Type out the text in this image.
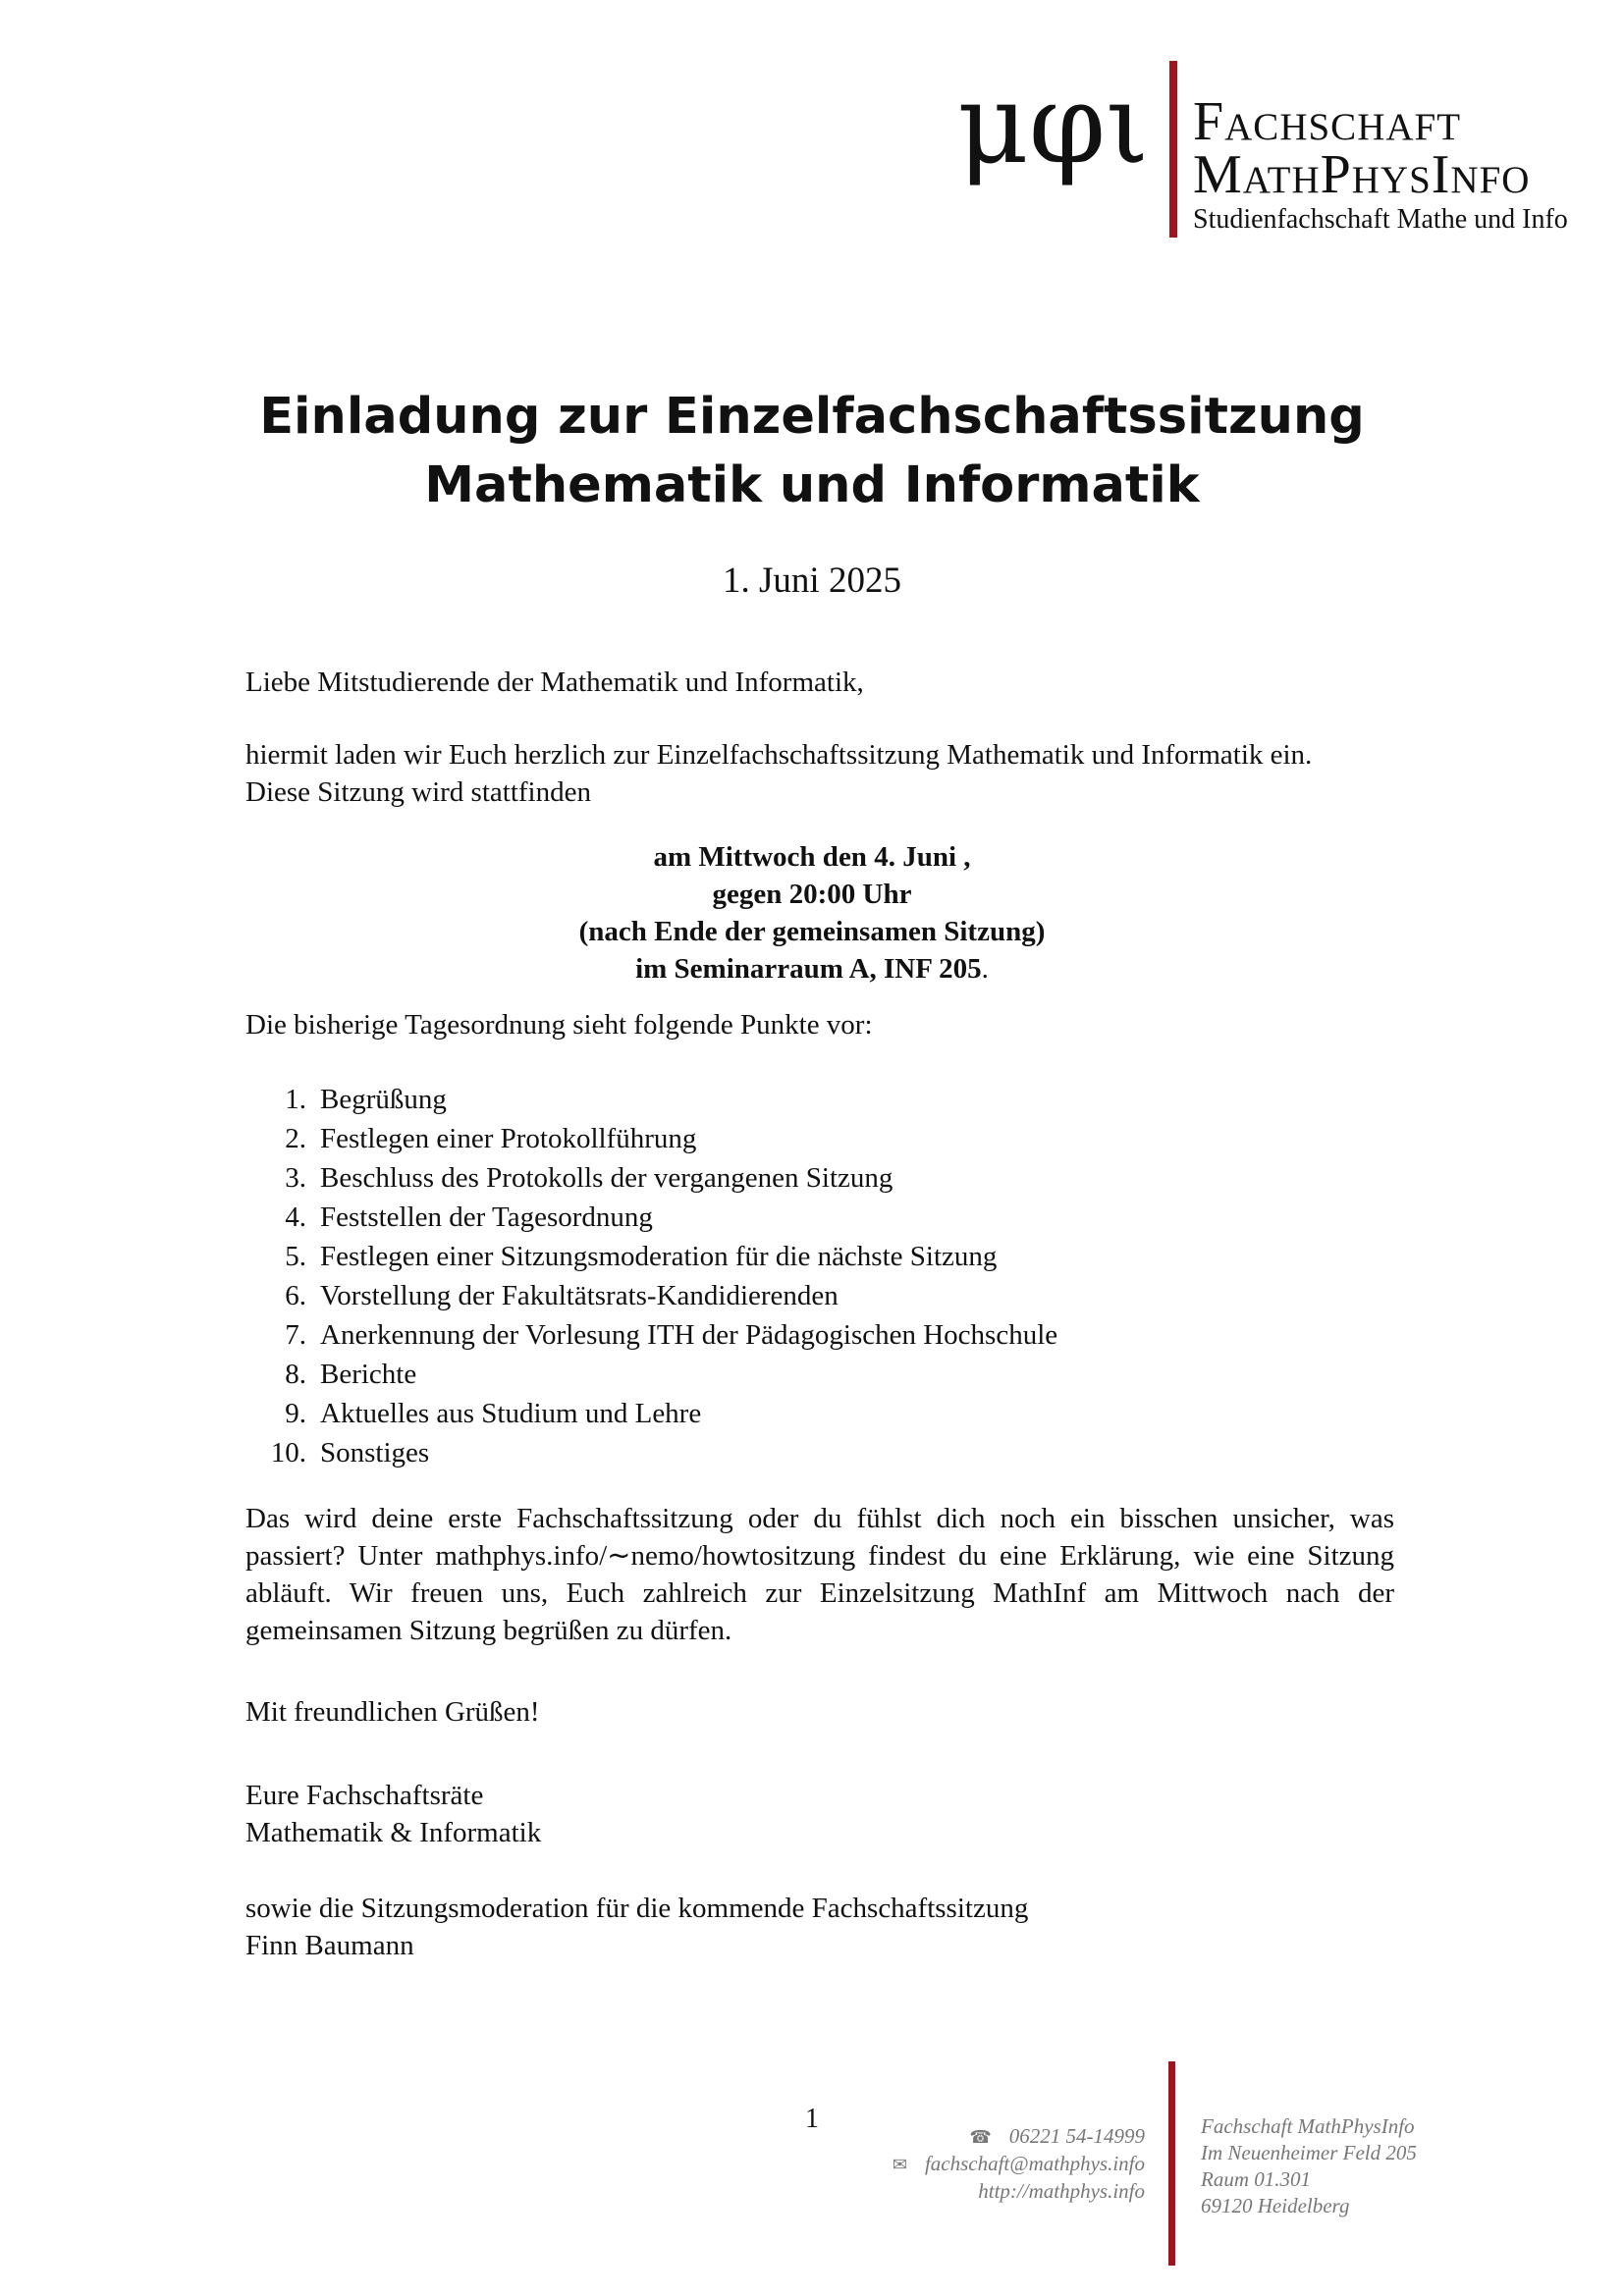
μφι Fachschaft
MathPhysInfo
Studienfachschaft Mathe und Info
Einladung zur Einzelfachschaftssitzung
Mathematik und Informatik
1. Juni 2025
Liebe Mitstudierende der Mathematik und Informatik,
hiermit laden wir Euch herzlich zur Einzelfachschaftssitzung Mathematik und Informatik ein.
Diese Sitzung wird stattfinden
am Mittwoch den 4. Juni ,
gegen 20:00 Uhr
(nach Ende der gemeinsamen Sitzung)
im Seminarraum A, INF 205.
Die bisherige Tagesordnung sieht folgende Punkte vor:
1. Begrüßung
2. Festlegen einer Protokollführung
3. Beschluss des Protokolls der vergangenen Sitzung
4. Feststellen der Tagesordnung
5. Festlegen einer Sitzungsmoderation für die nächste Sitzung
6. Vorstellung der Fakultätsrats-Kandidierenden
7. Anerkennung der Vorlesung ITH der Pädagogischen Hochschule
8. Berichte
9. Aktuelles aus Studium und Lehre
10. Sonstiges
Das wird deine erste Fachschaftssitzung oder du fühlst dich noch ein bisschen unsicher, was passiert? Unter mathphys.info/∼nemo/howtositzung findest du eine Erklärung, wie eine Sitzung abläuft. Wir freuen uns, Euch zahlreich zur Einzelsitzung MathInf am Mittwoch nach der gemeinsamen Sitzung begrüßen zu dürfen.
Mit freundlichen Grüßen!
Eure Fachschaftsräte
Mathematik & Informatik
sowie die Sitzungsmoderation für die kommende Fachschaftssitzung
Finn Baumann
1
☎ 06221 54-14999
✉ fachschaft@mathphys.info
http://mathphys.info
Fachschaft MathPhysInfo
Im Neuenheimer Feld 205
Raum 01.301
69120 Heidelberg
